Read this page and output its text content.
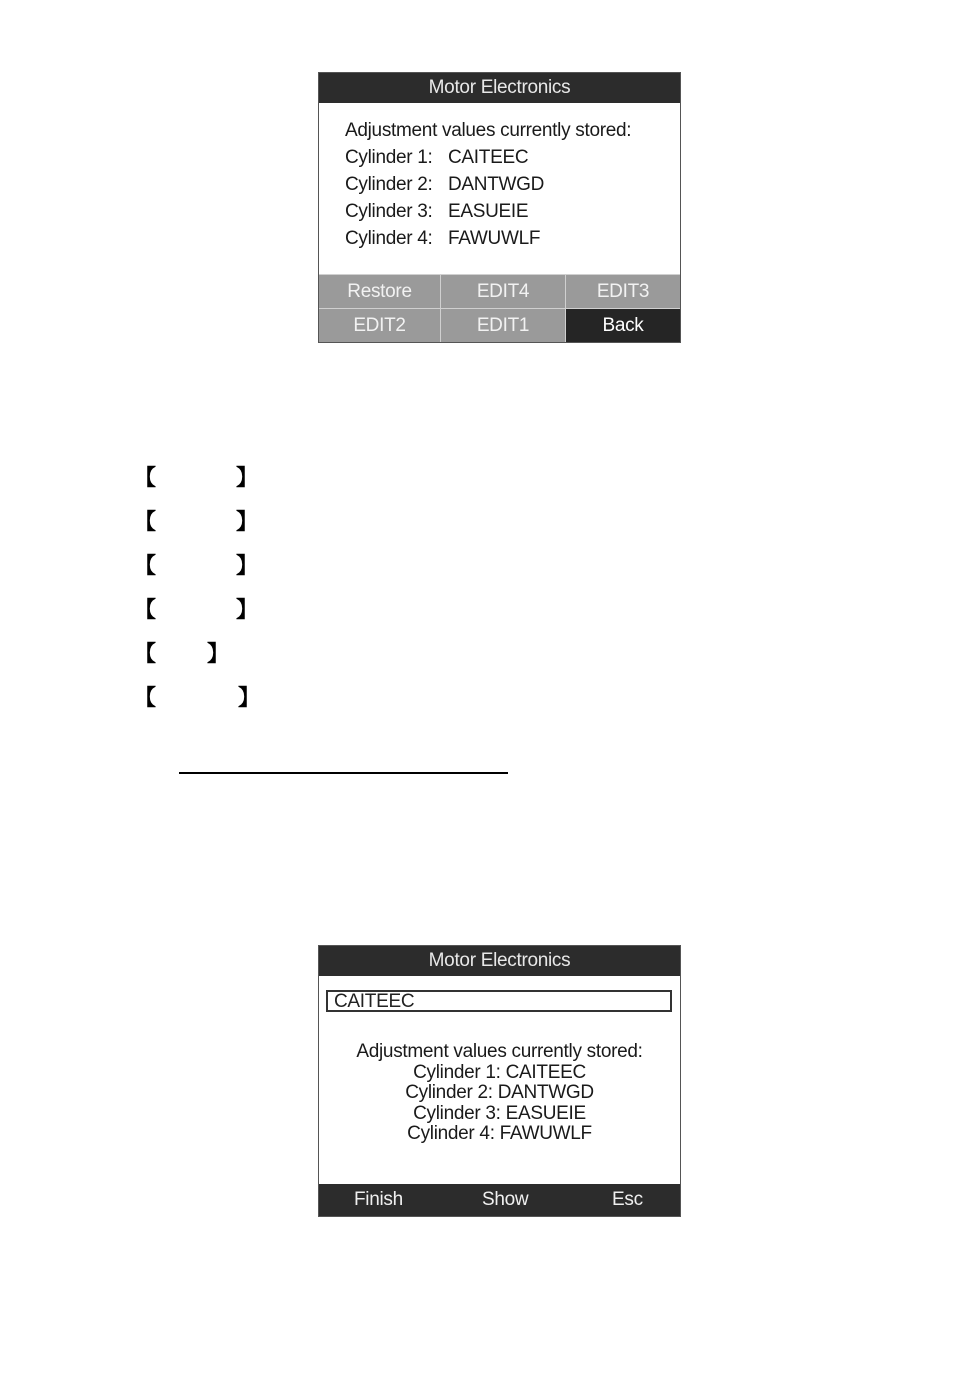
Motor Electronics
Adjustment values currently stored:
Cylinder 1: CAITEEC
Cylinder 2: DANTWGD
Cylinder 3: EASUEIE
Cylinder 4: FAWUWLF
Restore	EDIT4	EDIT3
EDIT2	EDIT1	Back
【	】
【	】
【	】
【	】
【 】
【	】
Motor Electronics
CAITEEC
Adjustment values currently stored:
Cylinder 1: CAITEEC
Cylinder 2: DANTWGD
Cylinder 3: EASUEIE
Cylinder 4: FAWUWLF
Finish	Show	Esc
